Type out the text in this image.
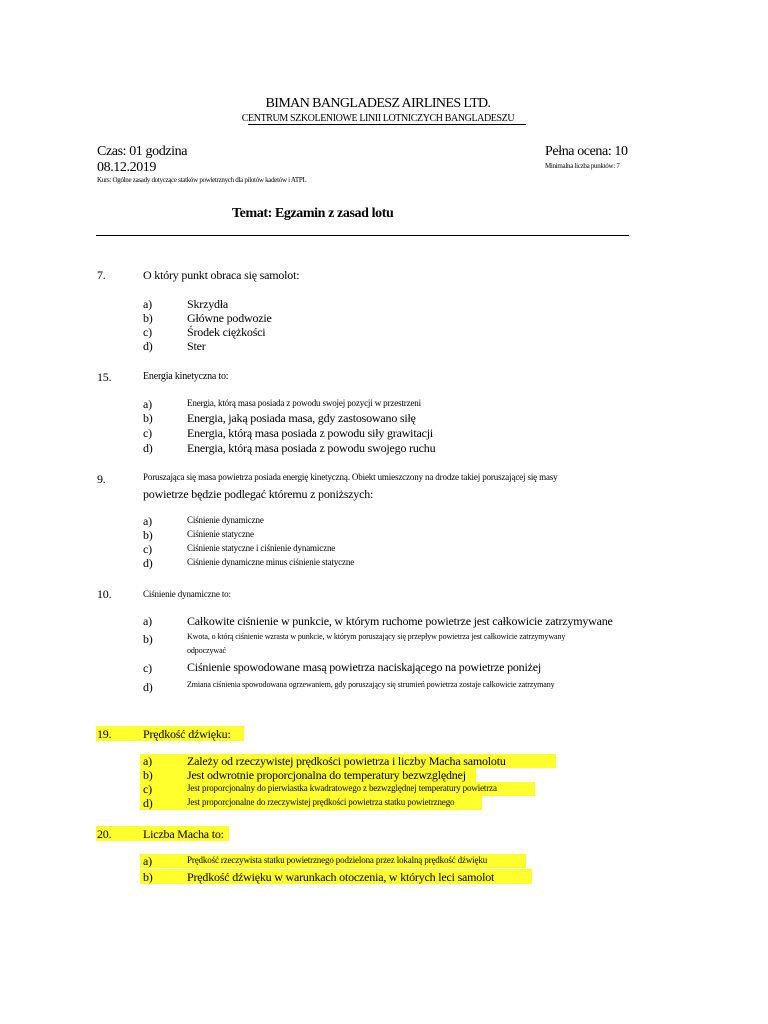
BIMAN BANGLADESZ AIRLINES LTD.
CENTRUM SZKOLENIOWE LINII LOTNICZYCH BANGLADESZU
Czas: 01 godzina	Pełna ocena: 10
08.12.2019	Minimalna liczba punktów: 7
Kurs: Ogólne zasady dotyczące statków powietrznych dla pilotów kadetów i ATPL
Temat: Egzamin z zasad lotu
7.	O który punkt obraca się samolot:
a)	Skrzydła
b)	Główne podwozie
c)	Środek ciężkości
d)	Ster
15.	Energia kinetyczna to:
a)	Energia, którą masa posiada z powodu swojej pozycji w przestrzeni
b)	Energia, jaką posiada masa, gdy zastosowano siłę
c)	Energia, którą masa posiada z powodu siły grawitacji
d)	Energia, którą masa posiada z powodu swojego ruchu
9.	Poruszająca się masa powietrza posiada energię kinetyczną. Obiekt umieszczony na drodze takiej poruszającej się masy
powietrze będzie podlegać któremu z poniższych:
a)	Ciśnienie dynamiczne
b)	Ciśnienie statyczne
c)	Ciśnienie statyczne i ciśnienie dynamiczne
d)	Ciśnienie dynamiczne minus ciśnienie statyczne
10.	Ciśnienie dynamiczne to:
a)	Całkowite ciśnienie w punkcie, w którym ruchome powietrze jest całkowicie zatrzymywane
b)	Kwota, o którą ciśnienie wzrasta w punkcie, w którym poruszający się przepływ powietrza jest całkowicie zatrzymywany
odpoczywać
c)	Ciśnienie spowodowane masą powietrza naciskającego na powietrze poniżej
d)	Zmiana ciśnienia spowodowana ogrzewaniem, gdy poruszający się strumień powietrza zostaje całkowicie zatrzymany
19.	Prędkość dźwięku:
a)	Zależy od rzeczywistej prędkości powietrza i liczby Macha samolotu
b)	Jest odwrotnie proporcjonalna do temperatury bezwzględnej
c)	Jest proporcjonalny do pierwiastka kwadratowego z bezwzględnej temperatury powietrza
d)	Jest proporcjonalne do rzeczywistej prędkości powietrza statku powietrznego
20.	Liczba Macha to:
a)	Prędkość rzeczywista statku powietrznego podzielona przez lokalną prędkość dźwięku
b)	Prędkość dźwięku w warunkach otoczenia, w których leci samolot
